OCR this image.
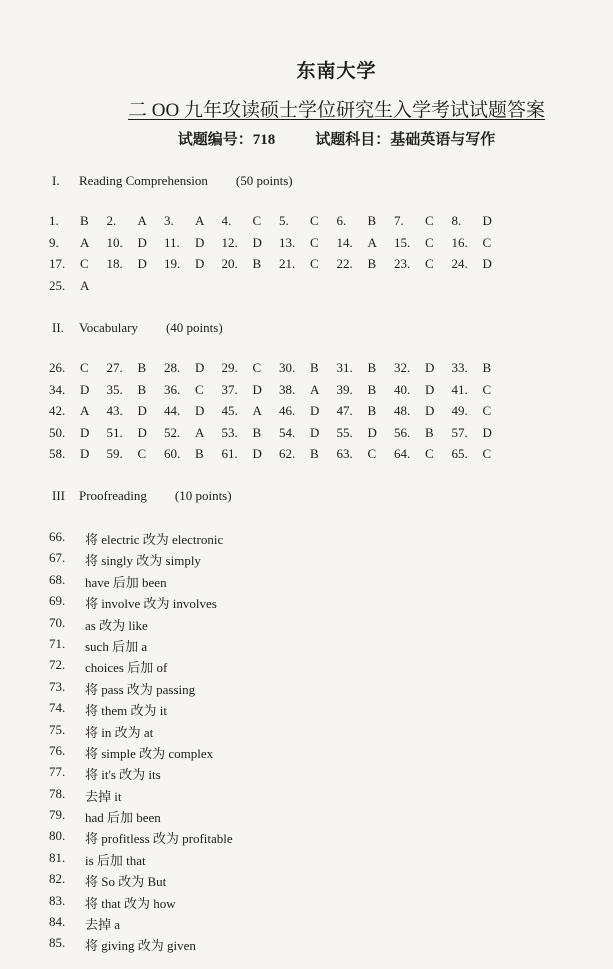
东南大学
二 OO 九年攻读硕士学位研究生入学考试试题答案
试题编号：718	试题科目：基础英语与写作
I. Reading Comprehension (50 points)
1.	B 2.	A 3.	A 4.	C 5.	C 6.	B 7.	C 8.	D
9.	A 10.	D 11.	D 12.	D 13.	C 14.	A 15.	C 16.	C
17.	C 18.	D 19.	D 20.	B 21.	C 22.	B 23.	C 24.	D
25.	A
II. Vocabulary (40 points)
26.	C 27.	B 28.	D 29.	C 30.	B 31.	B 32.	D 33.	B
34.	D 35.	B 36.	C 37.	D 38.	A 39.	B 40.	D 41.	C
42.	A 43.	D 44.	D 45.	A 46.	D 47.	B 48.	D 49.	C
50.	D 51.	D 52.	A 53.	B 54.	D 55.	D 56.	B 57.	D
58.	D 59.	C 60.	B 61.	D 62.	B 63.	C 64.	C 65.	C
III Proofreading (10 points)
66.	将 electric 改为 electronic
67.	将 singly 改为 simply
68.	have 后加 been
69.	将 involve 改为 involves
70.	as 改为 like
71.	such 后加 a
72.	choices 后加 of
73.	将 pass 改为 passing
74.	将 them 改为 it
75.	将 in 改为 at
76.	将 simple 改为 complex
77.	将 it's 改为 its
78.	去掉 it
79.	had 后加 been
80.	将 profitless 改为 profitable
81.	is 后加 that
82.	将 So 改为 But
83.	将 that 改为 how
84.	去掉 a
85.	将 giving 改为 given
